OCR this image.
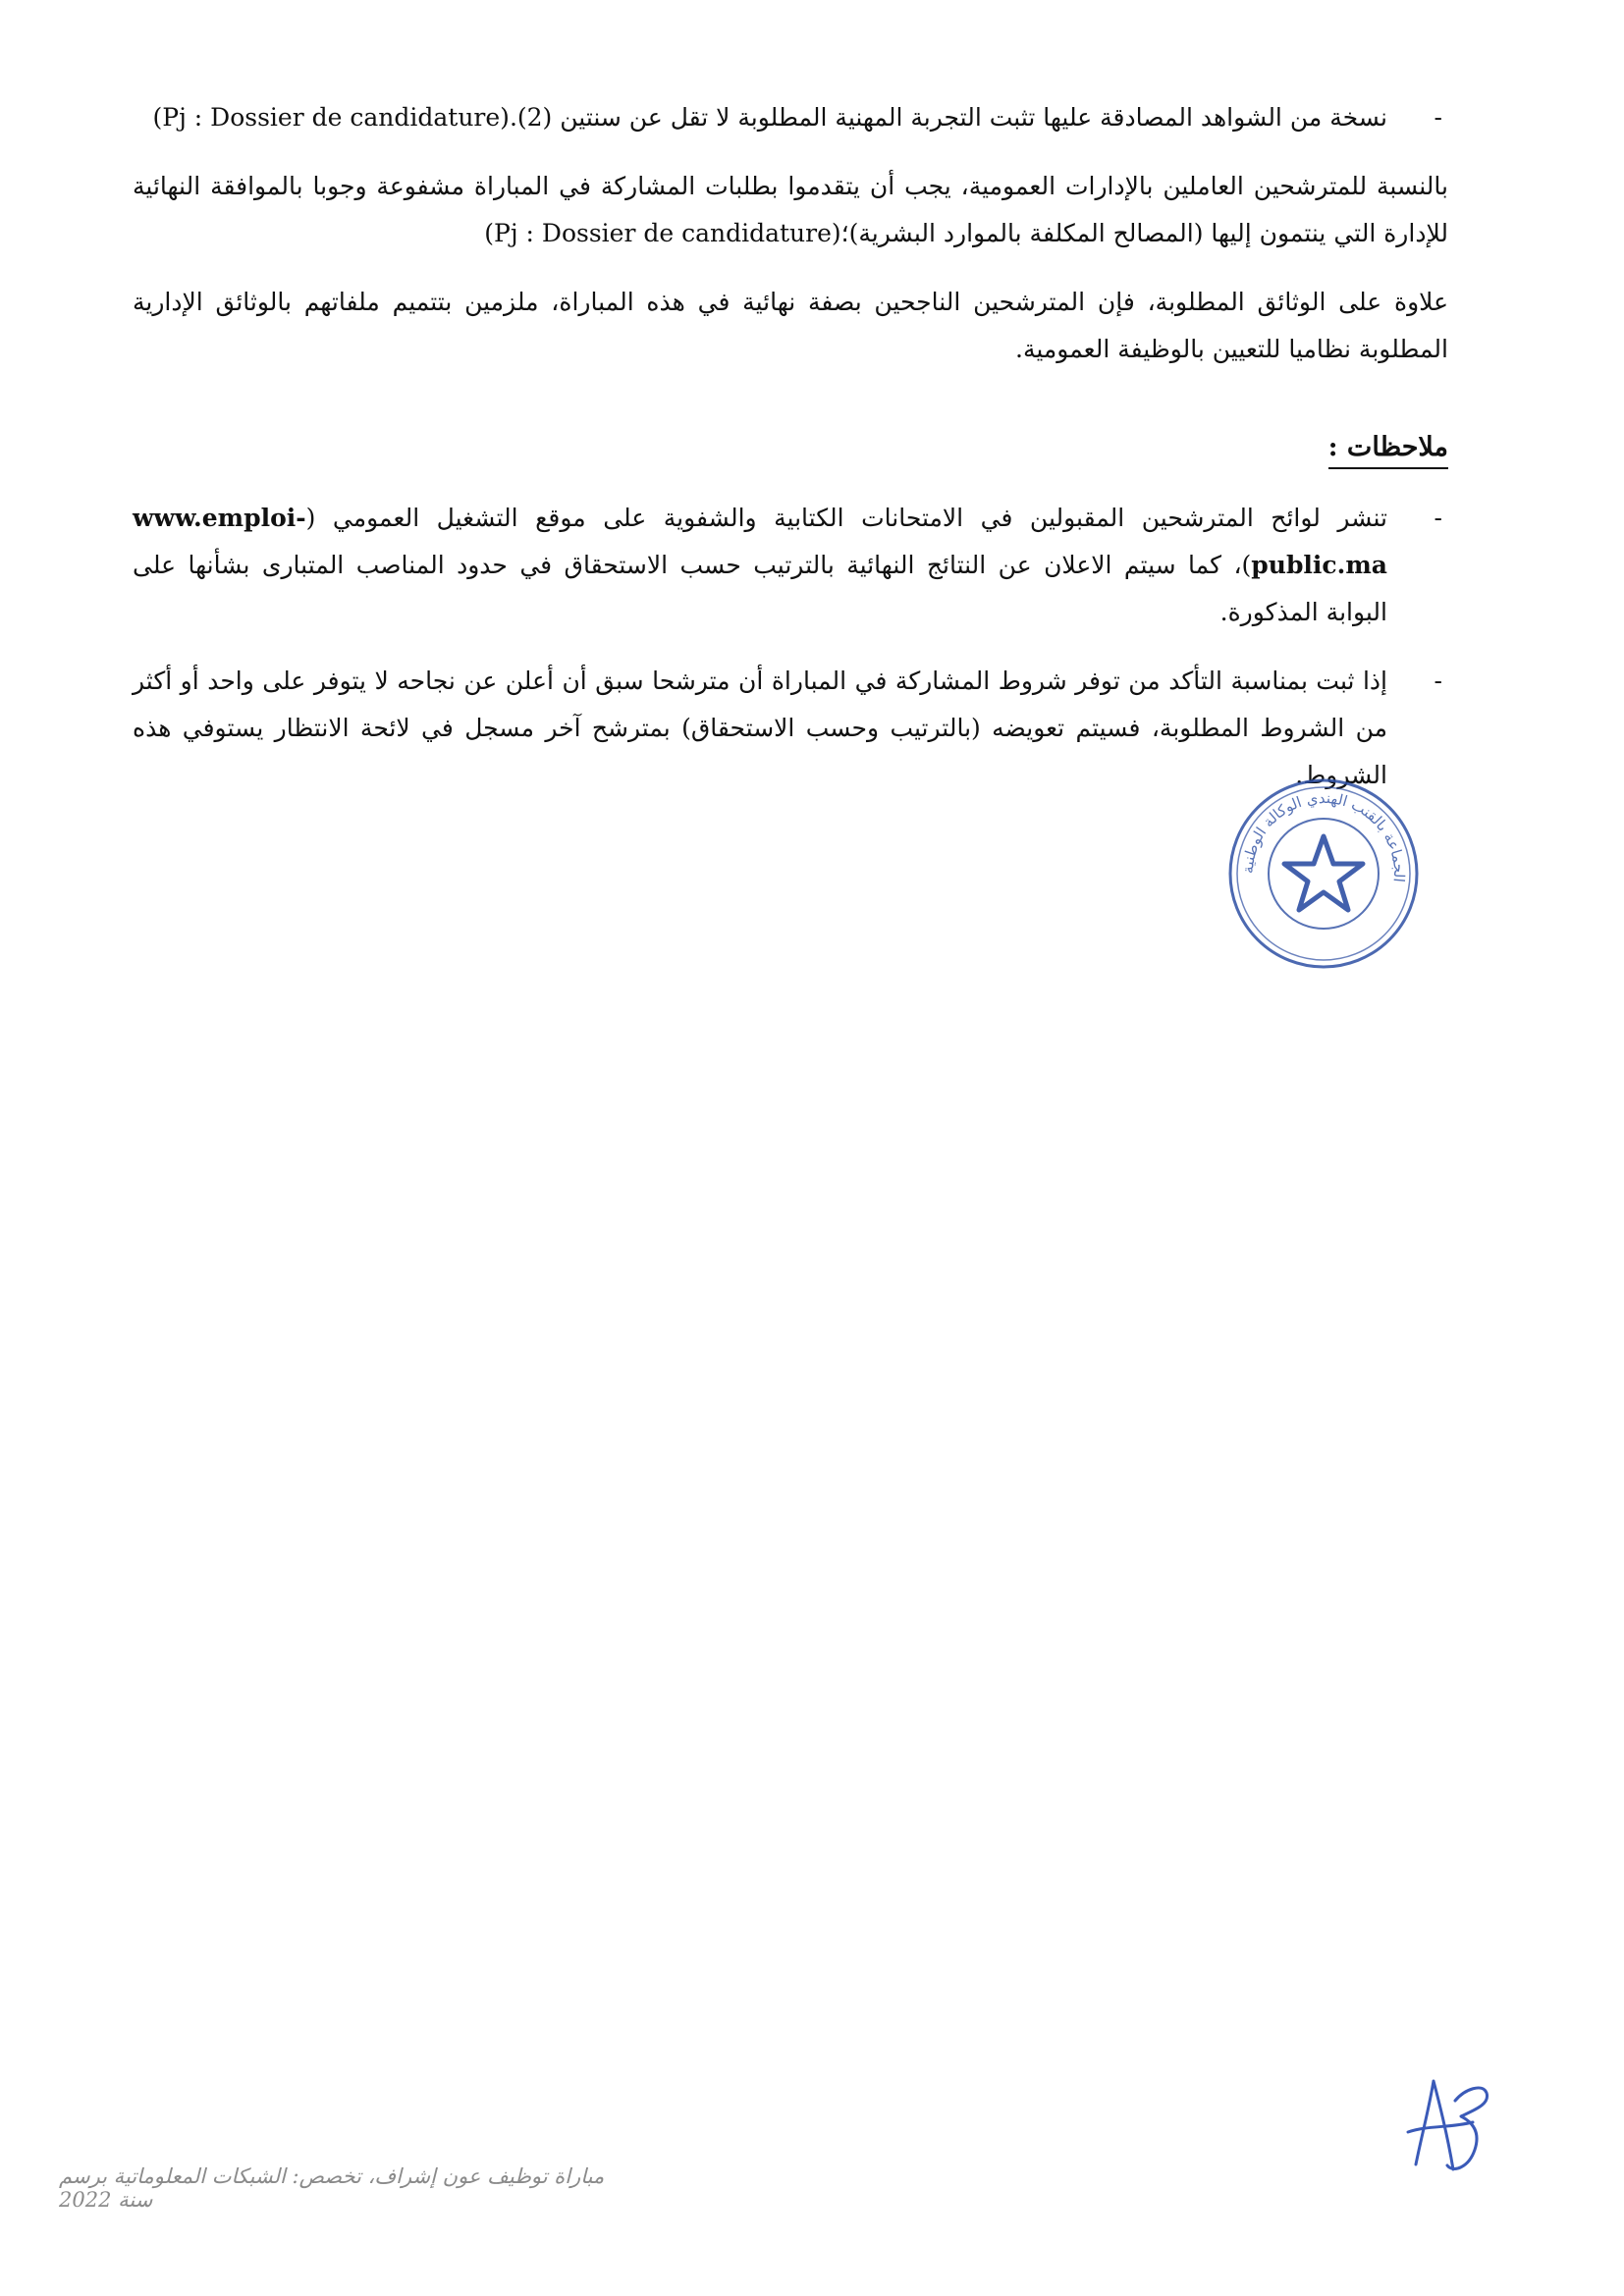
-
نسخة من الشواهد المصادقة عليها تثبت التجربة المهنية المطلوبة لا تقل عن سنتين (2).(Pj : Dossier de candidature)

بالنسبة للمترشحين العاملين بالإدارات العمومية، يجب أن يتقدموا بطلبات المشاركة في المباراة مشفوعة وجوبا بالموافقة النهائية للإدارة التي ينتمون إليها (المصالح المكلفة بالموارد البشرية)؛(Pj : Dossier de candidature)

علاوة على الوثائق المطلوبة، فإن المترشحين الناجحين بصفة نهائية في هذه المباراة، ملزمين بتتميم ملفاتهم بالوثائق الإدارية المطلوبة نظاميا للتعيين بالوظيفة العمومية.

ملاحظات :

-
تنشر لوائح المترشحين المقبولين في الامتحانات الكتابية والشفوية على موقع التشغيل العمومي (www.emploi-public.ma)، كما سيتم الاعلان عن النتائج النهائية بالترتيب حسب الاستحقاق في حدود المناصب المتبارى بشأنها على البوابة المذكورة.

-
إذا ثبت بمناسبة التأكد من توفر شروط المشاركة في المباراة أن مترشحا سبق أن أعلن عن نجاحه لا يتوفر على واحد أو أكثر من الشروط المطلوبة، فسيتم تعويضه (بالترتيب وحسب الاستحقاق) بمترشح آخر مسجل في لائحة الانتظار يستوفي هذه الشروط.

الجماعة بالقنب الهندي الوكالة الوطنية
مباراة توظيف عون إشراف، تخصص: الشبكات المعلوماتية برسم سنة 2022
